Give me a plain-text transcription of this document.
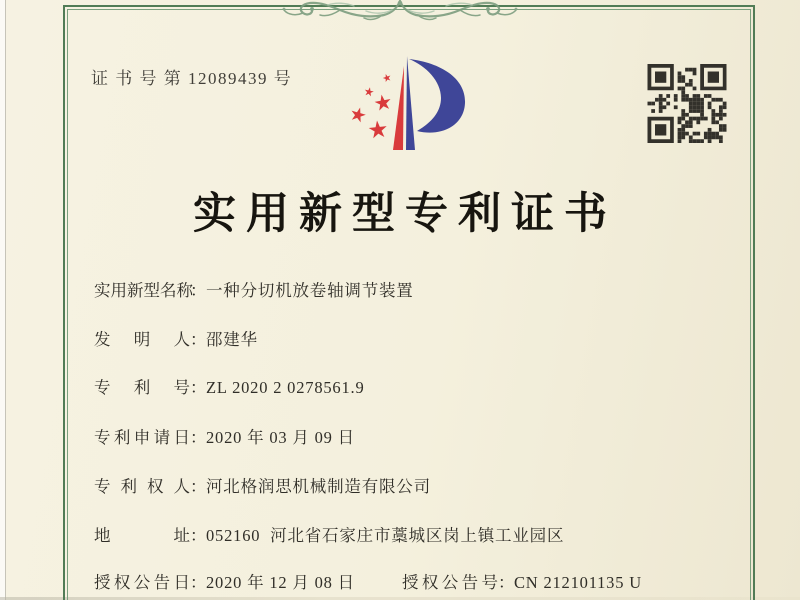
证 书 号 第 12089439 号
实用新型专利证书
实用新型名称：一种分切机放卷轴调节装置
发明人：邵建华
专利号：ZL 2020 2 0278561.9
专利申请日：2020 年 03 月 09 日
专利权人：河北格润思机械制造有限公司
地址：052160  河北省石家庄市藁城区岗上镇工业园区
授权公告日：2020 年 12 月 08 日	授权公告号：CN 212101135 U
